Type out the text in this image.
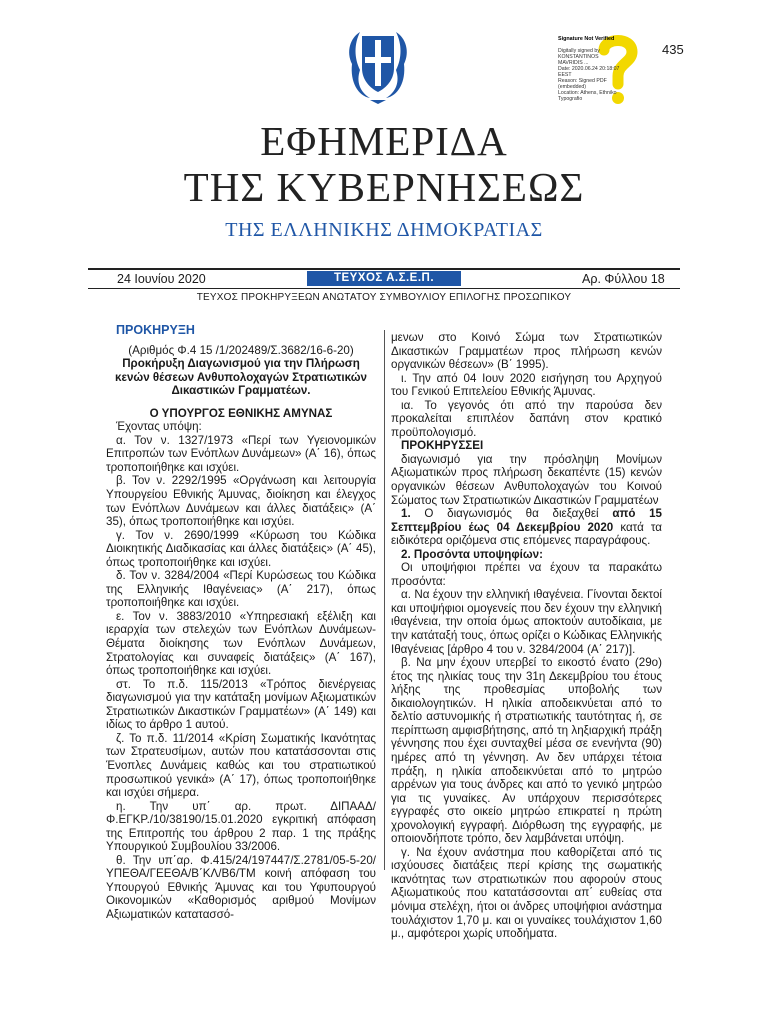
Signature Not Verified

Digitally signed by
KONSTANTINOS
MAVRIDIS ...
Date: 2020.06.24 20:18:07
EEST
Reason: Signed PDF
(embedded)
Location: Athens, Ethniko
Typografio

435
ΕΦΗΜΕΡΙΔΑ
ΤΗΣ ΚΥΒΕΡΝΗΣΕΩΣ
ΤΗΣ ΕΛΛΗΝΙΚΗΣ ΔΗΜΟΚΡΑΤΙΑΣ
24 Ιουνίου 2020	ΤΕΥΧΟΣ Α.Σ.Ε.Π.	Αρ. Φύλλου 18
ΤΕΥΧΟΣ ΠΡΟΚΗΡΥΞΕΩΝ ΑΝΩΤΑΤΟΥ ΣΥΜΒΟΥΛΙΟΥ ΕΠΙΛΟΓΗΣ ΠΡΟΣΩΠΙΚΟΥ

ΠΡΟΚΗΡΥΞΗ

(Αριθμός Φ.4 15 /1/202489/Σ.3682/16-6-20)

Προκήρυξη Διαγωνισμού για την Πλήρωση κενών θέσεων Ανθυπολοχαγών Στρατιωτικών Δικαστικών Γραμματέων.

Ο ΥΠΟΥΡΓΟΣ ΕΘΝΙΚΗΣ ΑΜΥΝΑΣ

Έχοντας υπόψη:

α. Τον ν. 1327/1973 «Περί των Υγειονομικών Επιτροπών των Ενόπλων Δυνάμεων» (Α΄ 16), όπως τροποποιήθηκε και ισχύει.

β. Τον ν. 2292/1995 «Οργάνωση και λειτουργία Υπουργείου Εθνικής Άμυνας, διοίκηση και έλεγχος των Ενόπλων Δυνάμεων και άλλες διατάξεις» (Α΄ 35), όπως τροποποιήθηκε και ισχύει.

γ. Τον ν. 2690/1999 «Κύρωση του Κώδικα Διοικητικής Διαδικασίας και άλλες διατάξεις» (Α΄ 45), όπως τροποποιήθηκε και ισχύει.

δ. Τον ν. 3284/2004 «Περί Κυρώσεως του Κώδικα της Ελληνικής Ιθαγένειας» (Α΄ 217), όπως τροποποιήθηκε και ισχύει.

ε. Τον ν. 3883/2010 «Υπηρεσιακή εξέλιξη και ιεραρχία των στελεχών των Ενόπλων Δυνάμεων-Θέματα διοίκησης των Ενόπλων Δυνάμεων, Στρατολογίας και συναφείς διατάξεις» (Α΄ 167), όπως τροποποιήθηκε και ισχύει.

στ. Το π.δ. 115/2013 «Τρόπος διενέργειας διαγωνισμού για την κατάταξη μονίμων Αξιωματικών Στρατιωτικών Δικαστικών Γραμματέων» (Α΄ 149) και ιδίως το άρθρο 1 αυτού.

ζ. Το π.δ. 11/2014 «Κρίση Σωματικής Ικανότητας των Στρατευσίμων, αυτών που κατατάσσονται στις Ένοπλες Δυνάμεις καθώς και του στρατιωτικού προσωπικού γενικά» (Α΄ 17), όπως τροποποιήθηκε και ισχύει σήμερα.

η. Την υπ΄ αρ. πρωτ. ΔΙΠΑΑΔ/Φ.ΕΓΚΡ./10/38190/15.01.2020 εγκριτική απόφαση της Επιτροπής του άρθρου 2 παρ. 1 της πράξης Υπουργικού Συμβουλίου 33/2006.

θ. Την υπ΄αρ. Φ.415/24/197447/Σ.2781/05-5-20/ΥΠΕΘΑ/ΓΕΕΘΑ/Β΄ΚΛ/Β6/ΤΜ κοινή απόφαση του Υπουργού Εθνικής Άμυνας και του Υφυπουργού Οικονομικών «Καθορισμός αριθμού Μονίμων Αξιωματικών κατατασσό-

μενων στο Κοινό Σώμα των Στρατιωτικών Δικαστικών Γραμματέων προς πλήρωση κενών οργανικών θέσεων» (Β΄ 1995).

ι. Την από 04 Ιουν 2020 εισήγηση του Αρχηγού του Γενικού Επιτελείου Εθνικής Άμυνας.

ια. Το γεγονός ότι από την παρούσα δεν προκαλείται επιπλέον δαπάνη στον κρατικό προϋπολογισμό.

ΠΡΟΚΗΡΥΣΣΕΙ

διαγωνισμό για την πρόσληψη Μονίμων Αξιωματικών προς πλήρωση δεκαπέντε (15) κενών οργανικών θέσεων Ανθυπολοχαγών του Κοινού Σώματος των Στρατιωτικών Δικαστικών Γραμματέων

1. Ο διαγωνισμός θα διεξαχθεί από 15 Σεπτεμβρίου έως 04 Δεκεμβρίου 2020 κατά τα ειδικότερα οριζόμενα στις επόμενες παραγράφους.

2. Προσόντα υποψηφίων:

Οι υποψήφιοι πρέπει να έχουν τα παρακάτω προσόντα:

α. Να έχουν την ελληνική ιθαγένεια. Γίνονται δεκτοί και υποψήφιοι ομογενείς που δεν έχουν την ελληνική ιθαγένεια, την οποία όμως αποκτούν αυτοδίκαια, με την κατάταξή τους, όπως ορίζει ο Κώδικας Ελληνικής Ιθαγένειας [άρθρο 4 του ν. 3284/2004 (Α΄ 217)].

β. Να μην έχουν υπερβεί το εικοστό ένατο (29ο) έτος της ηλικίας τους την 31η Δεκεμβρίου του έτους λήξης της προθεσμίας υποβολής των δικαιολογητικών. Η ηλικία αποδεικνύεται από το δελτίο αστυνομικής ή στρατιωτικής ταυτότητας ή, σε περίπτωση αμφισβήτησης, από τη ληξιαρχική πράξη γέννησης που έχει συνταχθεί μέσα σε ενενήντα (90) ημέρες από τη γέννηση. Αν δεν υπάρχει τέτοια πράξη, η ηλικία αποδεικνύεται από το μητρώο αρρένων για τους άνδρες και από το γενικό μητρώο για τις γυναίκες. Αν υπάρχουν περισσότερες εγγραφές στο οικείο μητρώο επικρατεί η πρώτη χρονολογική εγγραφή. Διόρθωση της εγγραφής, με οποιονδήποτε τρόπο, δεν λαμβάνεται υπόψη.

γ. Να έχουν ανάστημα που καθορίζεται από τις ισχύουσες διατάξεις περί κρίσης της σωματικής ικανότητας των στρατιωτικών που αφορούν στους Αξιωματικούς που κατατάσσονται απ΄ ευθείας στα μόνιμα στελέχη, ήτοι οι άνδρες υποψήφιοι ανάστημα τουλάχιστον 1,70 μ. και οι γυναίκες τουλάχιστον 1,60 μ., αμφότεροι χωρίς υποδήματα.
